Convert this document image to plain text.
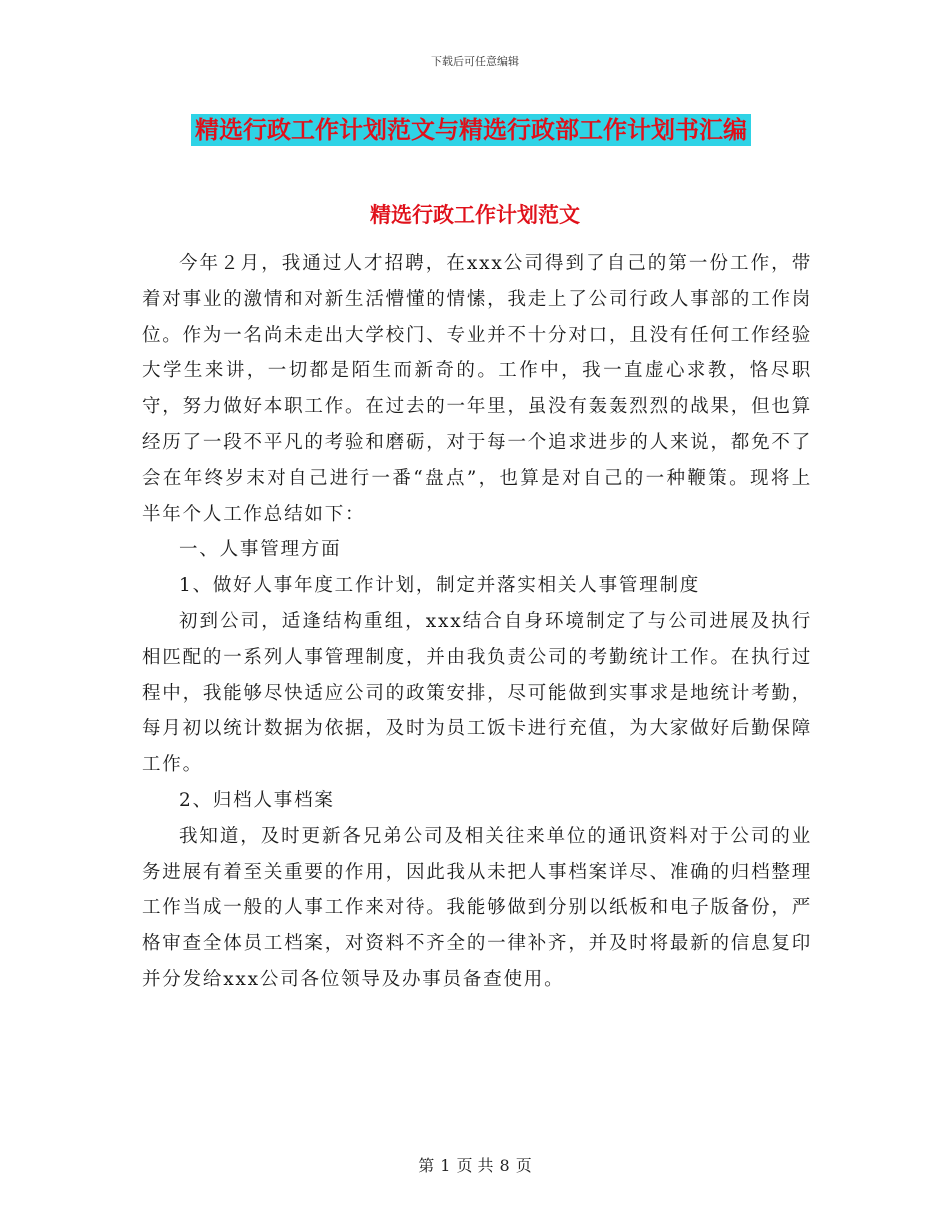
下载后可任意编辑
精选行政工作计划范文与精选行政部工作计划书汇编
精选行政工作计划范文

今年２月，我通过人才招聘，在xxx公司得到了自己的第一份工作，带着对事业的激情和对新生活懵懂的情愫，我走上了公司行政人事部的工作岗位。作为一名尚未走出大学校门、专业并不十分对口，且没有任何工作经验大学生来讲，一切都是陌生而新奇的。工作中，我一直虚心求教，恪尽职守，努力做好本职工作。在过去的一年里，虽没有轰轰烈烈的战果，但也算经历了一段不平凡的考验和磨砺，对于每一个追求进步的人来说，都免不了会在年终岁末对自己进行一番“盘点”，也算是对自己的一种鞭策。现将上半年个人工作总结如下：

一、人事管理方面

1、做好人事年度工作计划，制定并落实相关人事管理制度

初到公司，适逢结构重组，xxx结合自身环境制定了与公司进展及执行相匹配的一系列人事管理制度，并由我负责公司的考勤统计工作。在执行过程中，我能够尽快适应公司的政策安排，尽可能做到实事求是地统计考勤，每月初以统计数据为依据，及时为员工饭卡进行充值，为大家做好后勤保障工作。

2、归档人事档案

我知道，及时更新各兄弟公司及相关往来单位的通讯资料对于公司的业务进展有着至关重要的作用，因此我从未把人事档案详尽、准确的归档整理工作当成一般的人事工作来对待。我能够做到分别以纸板和电子版备份，严格审查全体员工档案，对资料不齐全的一律补齐，并及时将最新的信息复印并分发给xxx公司各位领导及办事员备查使用。

第 1 页 共 8 页
